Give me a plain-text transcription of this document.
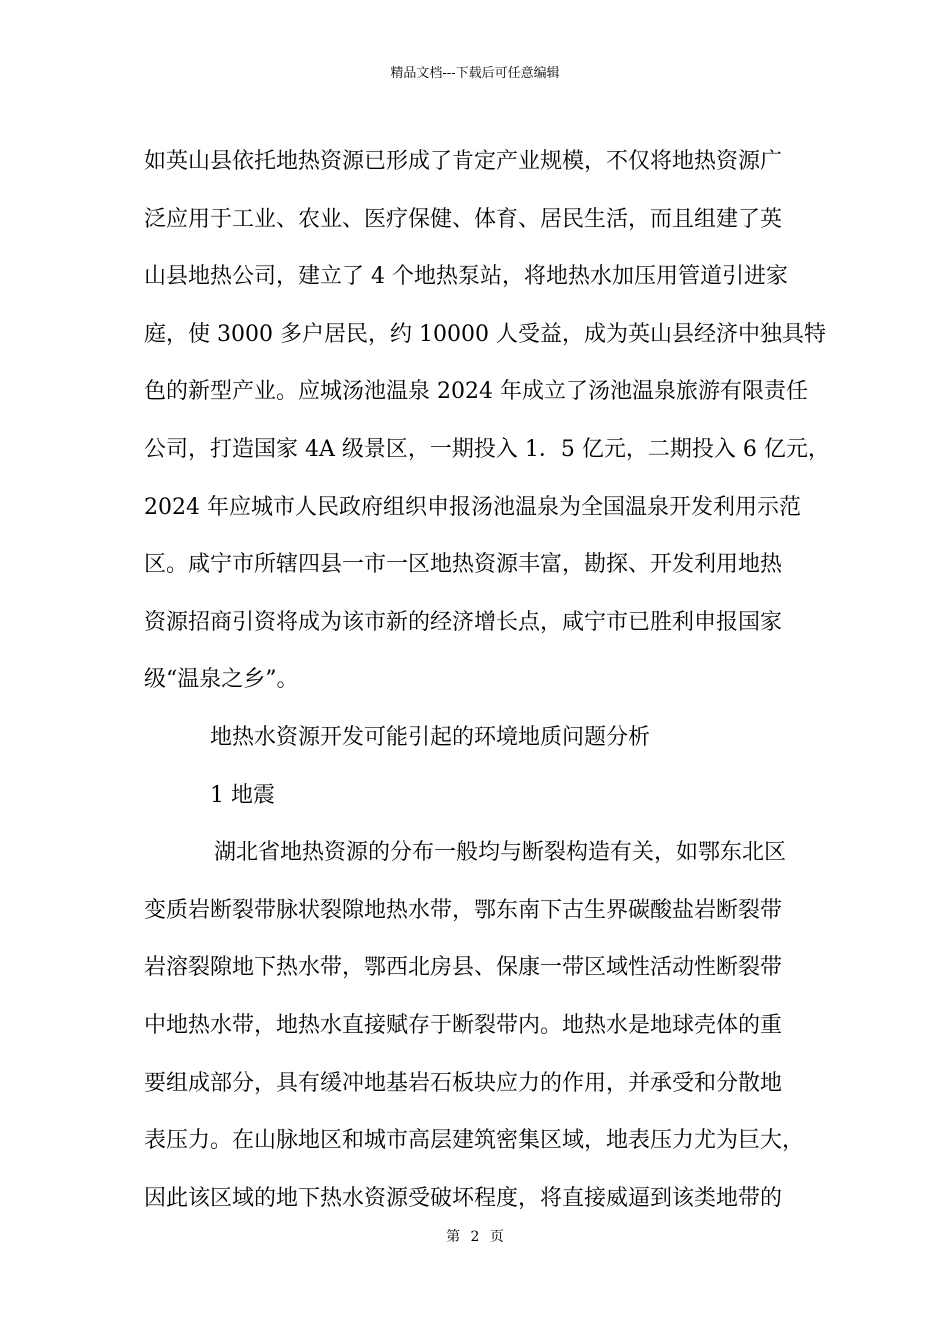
精品文档---下载后可任意编辑
如英山县依托地热资源已形成了肯定产业规模，不仅将地热资源广
泛应用于工业、农业、医疗保健、体育、居民生活，而且组建了英
山县地热公司，建立了 4 个地热泵站，将地热水加压用管道引进家
庭，使 3000 多户居民，约 10000 人受益，成为英山县经济中独具特
色的新型产业。应城汤池温泉 2024 年成立了汤池温泉旅游有限责任
公司，打造国家 4A 级景区，一期投入 1．5 亿元，二期投入 6 亿元，
2024 年应城市人民政府组织申报汤池温泉为全国温泉开发利用示范
区。咸宁市所辖四县一市一区地热资源丰富，勘探、开发利用地热
资源招商引资将成为该市新的经济增长点，咸宁市已胜利申报国家
级“温泉之乡”。
地热水资源开发可能引起的环境地质问题分析
1 地震
湖北省地热资源的分布一般均与断裂构造有关，如鄂东北区
变质岩断裂带脉状裂隙地热水带，鄂东南下古生界碳酸盐岩断裂带
岩溶裂隙地下热水带，鄂西北房县、保康一带区域性活动性断裂带
中地热水带，地热水直接赋存于断裂带内。地热水是地球壳体的重
要组成部分，具有缓冲地基岩石板块应力的作用，并承受和分散地
表压力。在山脉地区和城市高层建筑密集区域，地表压力尤为巨大，
因此该区域的地下热水资源受破坏程度，将直接威逼到该类地带的
第 2 页
